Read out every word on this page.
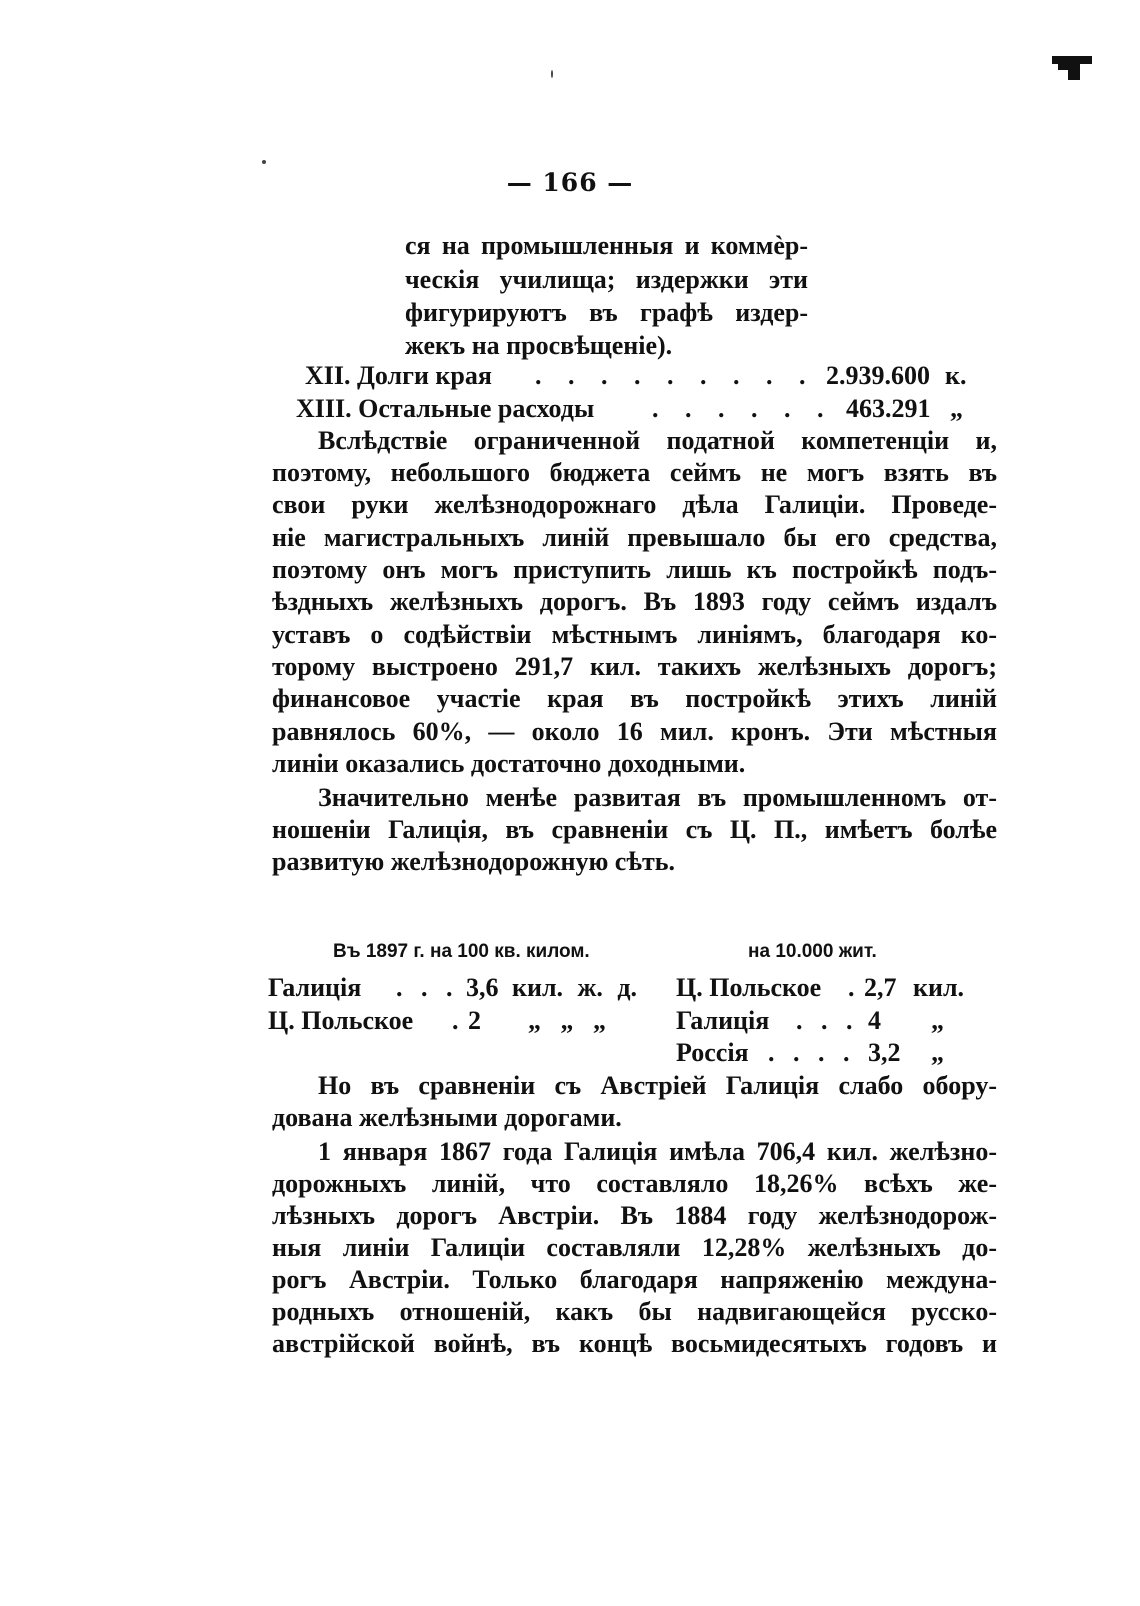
— 166 —
ся на промышленныя и коммѐр-
ческія училища; издержки эти
фигурируютъ въ графѣ издер-
жекъ на просвѣщеніе).
XII. Долги края . . . . . . . . . 2.939.600 к.
XIII. Остальные расходы . . . . . . 463.291 „
Вслѣдствіе ограниченной податной компетенціи и,
поэтому, небольшого бюджета сеймъ не могъ взять въ
свои руки желѣзнодорожнаго дѣла Галиціи. Проведе-
ніе магистральныхъ линій превышало бы его средства,
поэтому онъ могъ приступить лишь къ постройкѣ подъ-
ѣздныхъ желѣзныхъ дорогъ. Въ 1893 году сеймъ издалъ
уставъ о содѣйствіи мѣстнымъ линіямъ, благодаря ко-
торому выстроено 291,7 кил. такихъ желѣзныхъ дорогъ;
финансовое участіе края въ постройкѣ этихъ линій
равнялось 60%, — около 16 мил. кронъ. Эти мѣстныя
линіи оказались достаточно доходными.
Значительно менѣе развитая въ промышленномъ от-
ношеніи Галиція, въ сравненіи съ Ц. П., имѣетъ болѣе
развитую желѣзнодорожную сѣть.
Въ 1897 г. на 100 кв. килом.	на 10.000 жит.
Галиція . . . 3,6 кил. ж. д.
Ц. Польское . 2 „   „   „
Ц. Польское . 2,7 кил.
Галиція . . . 4 „
Россія . . . . 3,2 „
Но въ сравненіи съ Австріей Галиція слабо обору-
дована желѣзными дорогами.
1 января 1867 года Галиція имѣла 706,4 кил. желѣзно-
дорожныхъ линій, что составляло 18,26% всѣхъ же-
лѣзныхъ дорогъ Австріи. Въ 1884 году желѣзнодорож-
ныя линіи Галиціи составляли 12,28% желѣзныхъ до-
рогъ Австріи. Только благодаря напряженію междуна-
родныхъ отношеній, какъ бы надвигающейся русско-
австрійской войнѣ, въ концѣ восьмидесятыхъ годовъ и
